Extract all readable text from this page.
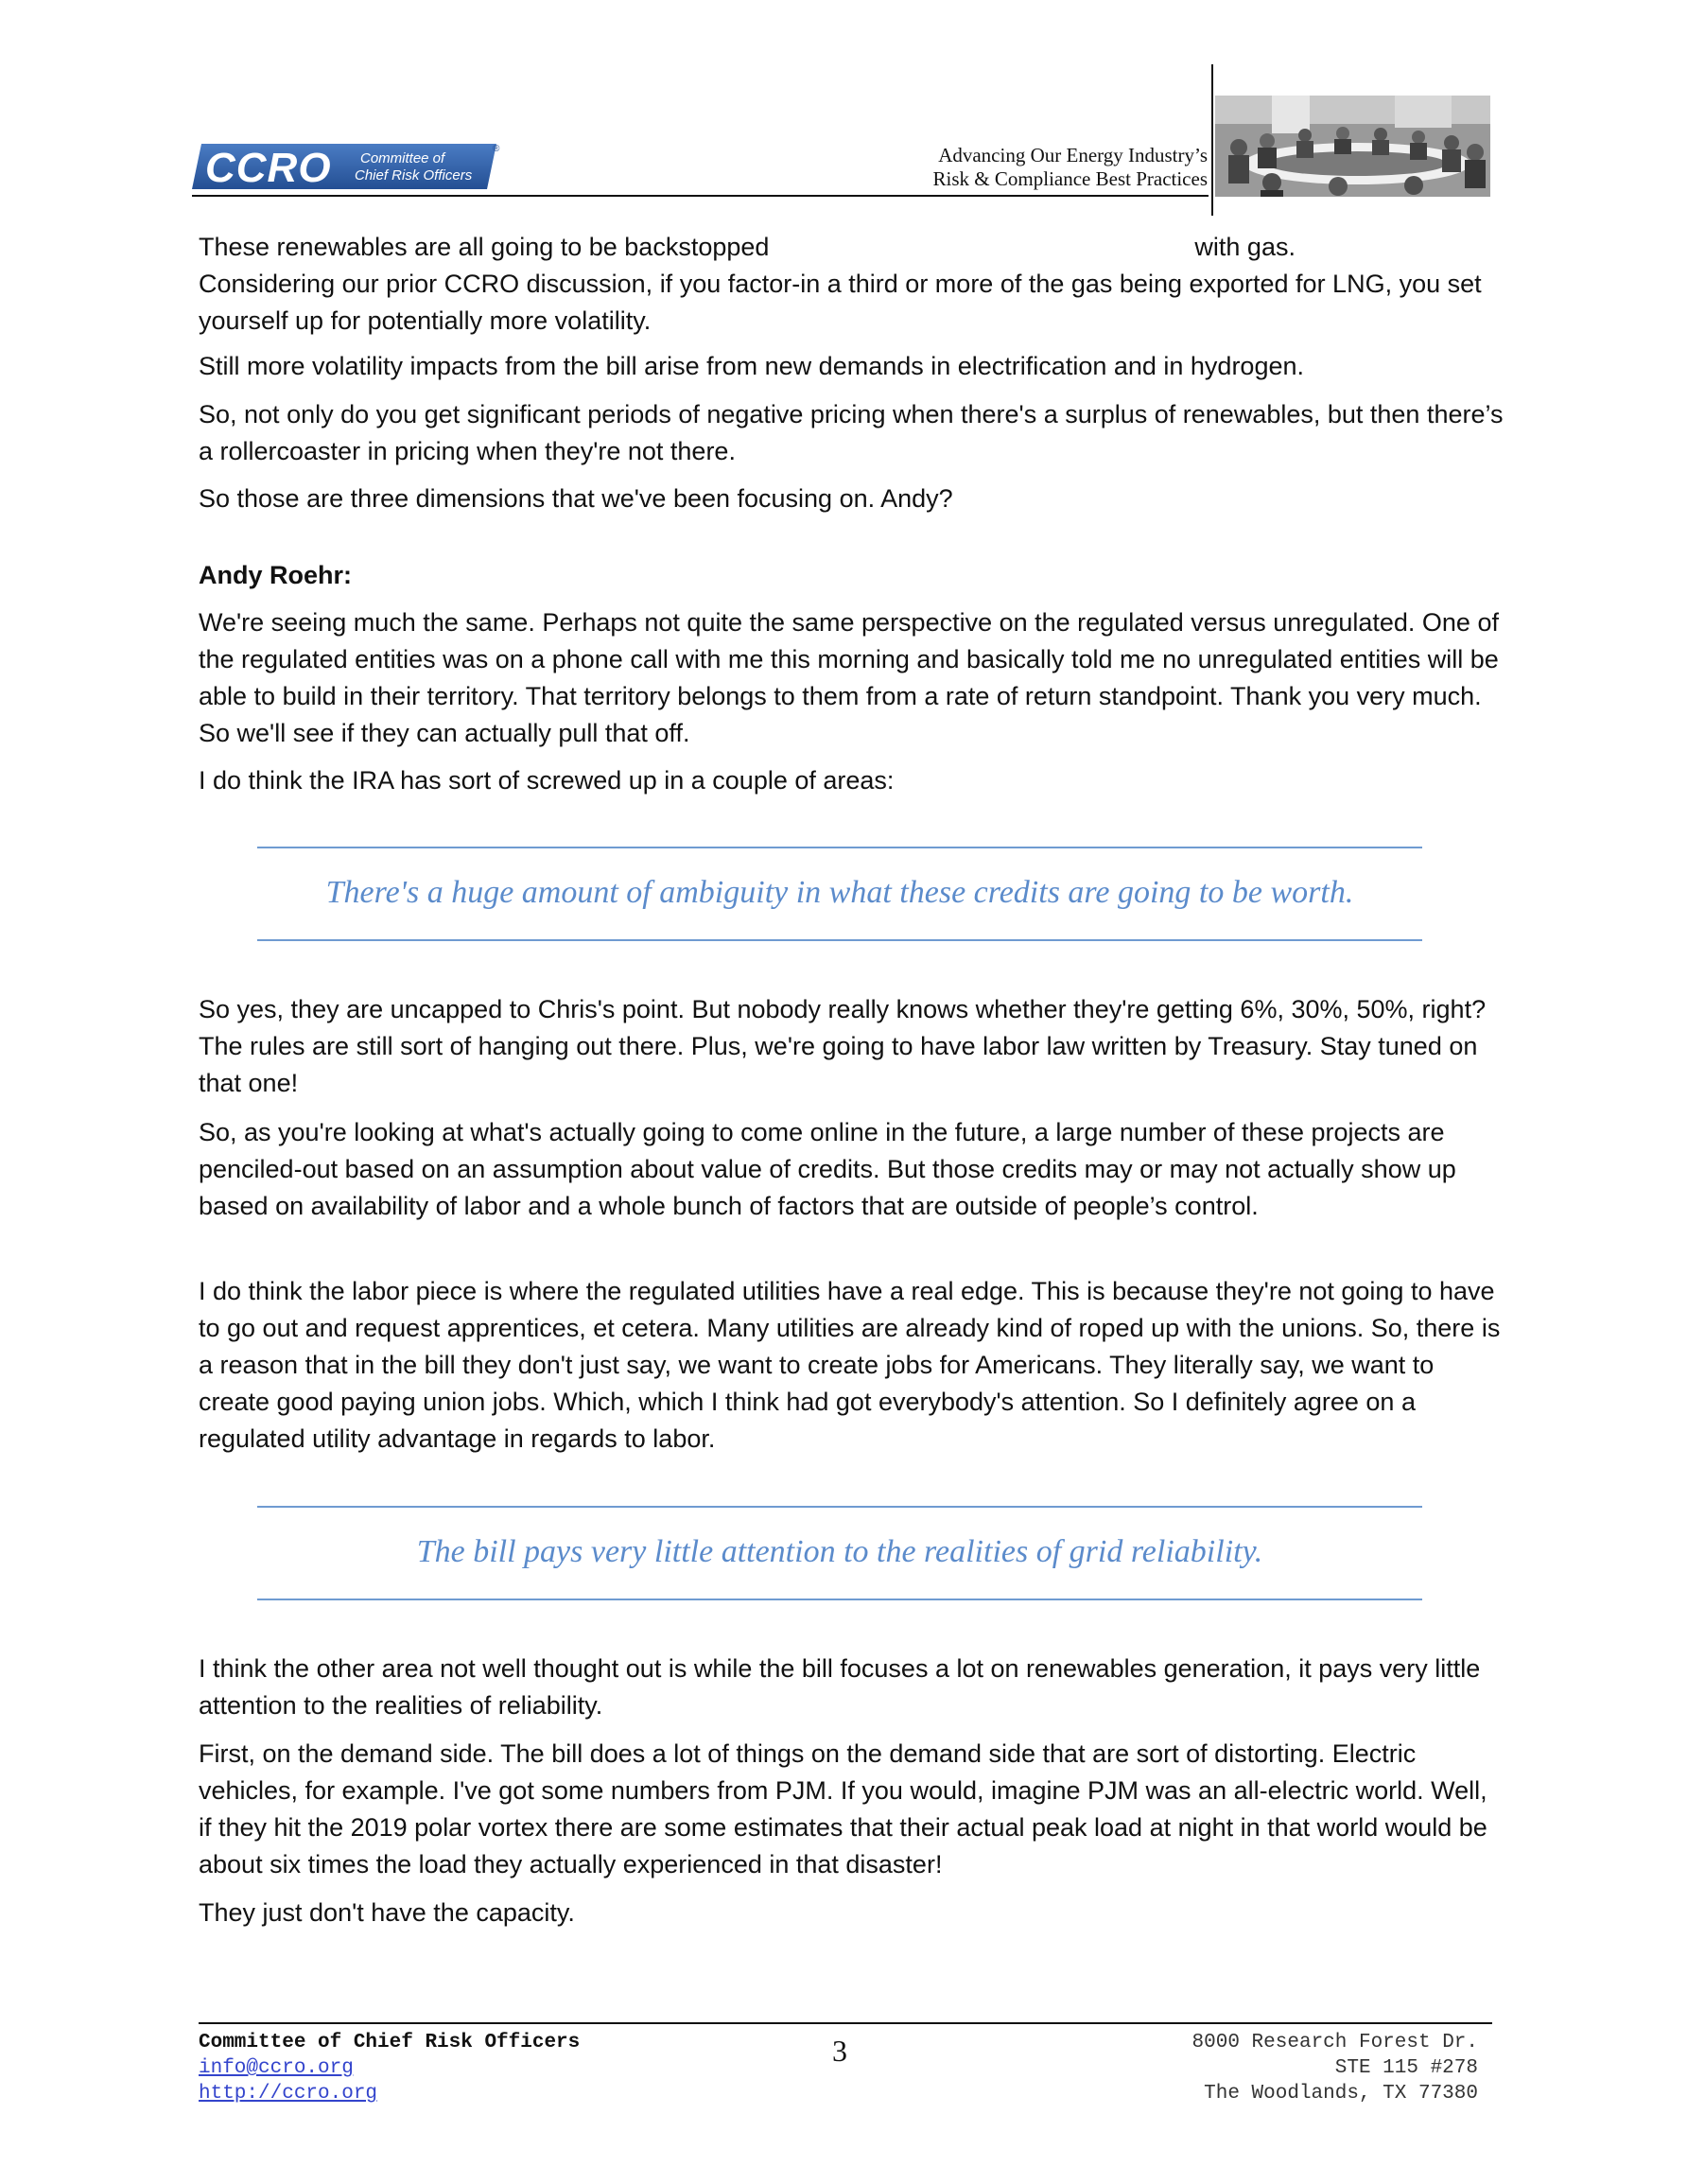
CCRO Committee of
Chief Risk Officers
®	Advancing Our Energy Industry’s
Risk & Compliance Best Practices

These renewables are all going to be backstopped	with gas.
Considering our prior CCRO discussion, if you factor-in a third or more of the gas being exported for LNG, you set yourself up for potentially more volatility.

Still more volatility impacts from the bill arise from new demands in electrification and in hydrogen.

So, not only do you get significant periods of negative pricing when there's a surplus of renewables, but then there’s a rollercoaster in pricing when they're not there.

So those are three dimensions that we've been focusing on. Andy?

Andy Roehr:

We're seeing much the same. Perhaps not quite the same perspective on the regulated versus unregulated. One of the regulated entities was on a phone call with me this morning and basically told me no unregulated entities will be able to build in their territory. That territory belongs to them from a rate of return standpoint. Thank you very much. So we'll see if they can actually pull that off.

I do think the IRA has sort of screwed up in a couple of areas:

There's a huge amount of ambiguity in what these credits are going to be worth.

So yes, they are uncapped to Chris's point. But nobody really knows whether they're getting 6%, 30%, 50%, right? The rules are still sort of hanging out there. Plus, we're going to have labor law written by Treasury. Stay tuned on that one!

So, as you're looking at what's actually going to come online in the future, a large number of these projects are penciled-out based on an assumption about value of credits. But those credits may or may not actually show up based on availability of labor and a whole bunch of factors that are outside of people’s control.

I do think the labor piece is where the regulated utilities have a real edge. This is because they're not going to have to go out and request apprentices, et cetera. Many utilities are already kind of roped up with the unions. So, there is a reason that in the bill they don't just say, we want to create jobs for Americans. They literally say, we want to create good paying union jobs. Which, which I think had got everybody's attention. So I definitely agree on a regulated utility advantage in regards to labor.

The bill pays very little attention to the realities of grid reliability.

I think the other area not well thought out is while the bill focuses a lot on renewables generation, it pays very little attention to the realities of reliability.

First, on the demand side. The bill does a lot of things on the demand side that are sort of distorting. Electric vehicles, for example. I've got some numbers from PJM. If you would, imagine PJM was an all-electric world. Well, if they hit the 2019 polar vortex there are some estimates that their actual peak load at night in that world would be about six times the load they actually experienced in that disaster!

They just don't have the capacity.

Committee of Chief Risk Officers
info@ccro.org
http://ccro.org
3	8000 Research Forest Dr.
STE 115 #278
The Woodlands, TX 77380
